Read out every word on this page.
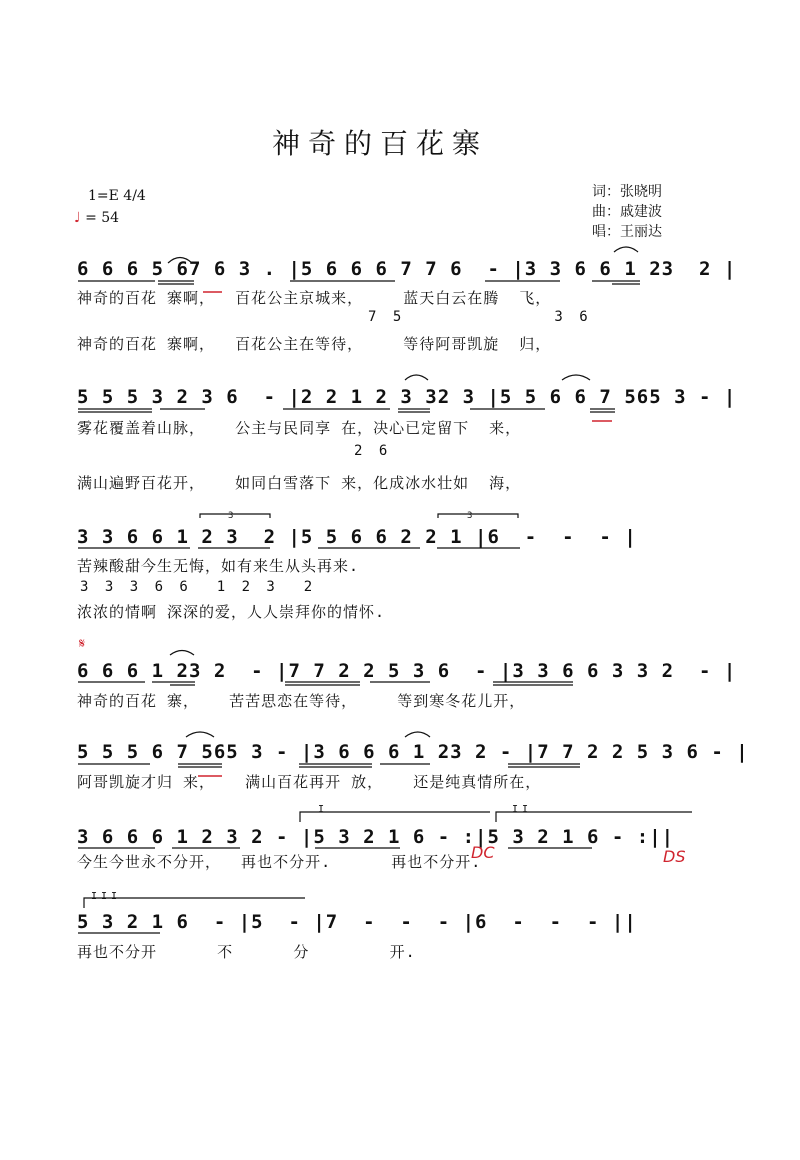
神奇的百花寨
1=E 4/4
♩ = 54
词：张晓明
曲：戚建波
唱：王丽达
6 6 6 5 67 6 3 . |5 6 6 6 7 7 6  - |3 3 6 6 1 23  2 |
神奇的百花 寨啊，  百花公主京城来，    蓝天白云在腾  飞，
7 5            3 6
神奇的百花 寨啊，  百花公主在等待，    等待阿哥凯旋  归，
5 5 5 3 2 3 6  - |2 2 1 2 3 32 3 |5 5 6 6 7 565 3 - |
雾花覆盖着山脉，   公主与民同享 在，决心已定留下  来，
2 6
满山遍野百花开，   如同白雪落下 来，化成冰水壮如  海，
3 3 6 6 1 2 3  2 |5 5 6 6 2 2 1 |6  -  -  - |
苦辣酸甜今生无悔，如有来生从头再来.
3 3 3 6 6  1 2 3  2
浓浓的情啊 深深的爱，人人崇拜你的情怀.
3	3
𝄋
6 6 6 1 23 2  - |7 7 2 2 5 3 6  - |3 3 6 6 3 3 2  - |
神奇的百花 寨，   苦苦思恋在等待，    等到寒冬花儿开，
5 5 5 6 7 565 3 - |3 6 6 6 1 23 2 - |7 7 2 2 5 3 6 - |
阿哥凯旋才归 来，   满山百花再开 放，   还是纯真情所在，
I	II
3 6 6 6 1 2 3 2 - |5 3 2 1 6 - :|5 3 2 1 6 - :||
今生今世永不分开，  再也不分开.      再也不分开.
DC	DS
III
5 3 2 1 6  - |5  - |7  -  -  - |6  -  -  - ||
再也不分开      不      分        开.
